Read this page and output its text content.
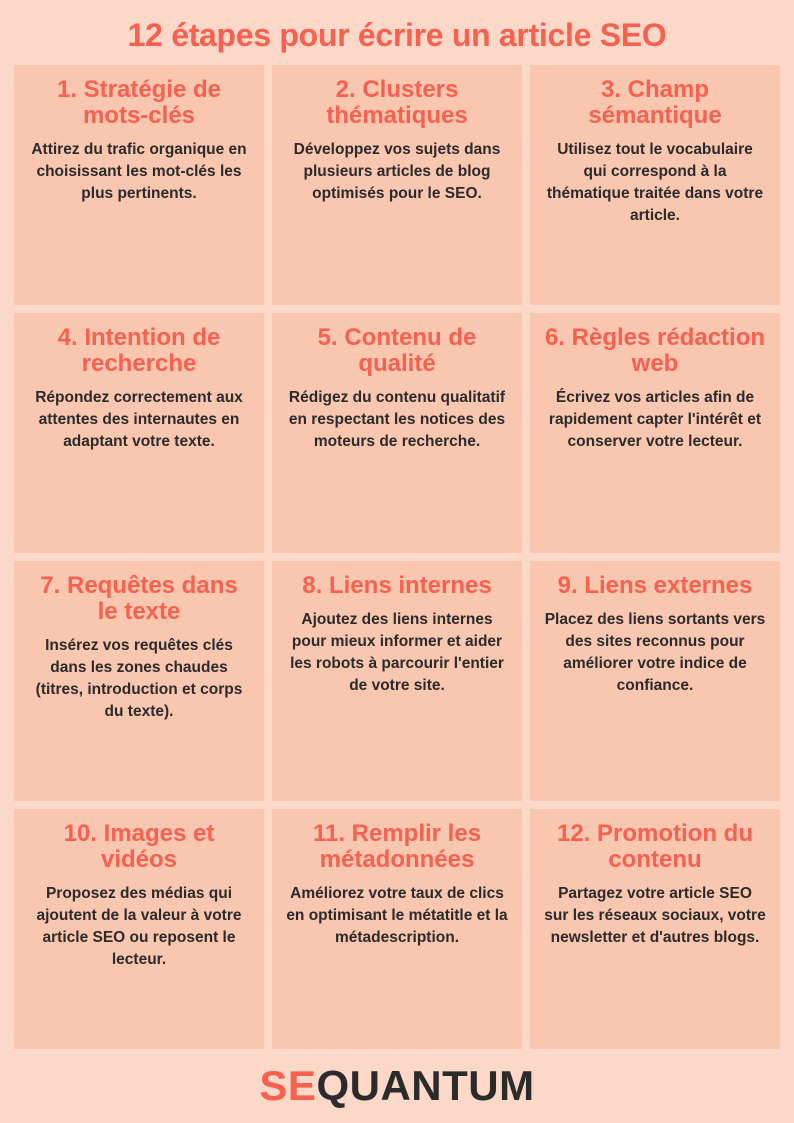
12 étapes pour écrire un article SEO
1. Stratégie de mots-clés
Attirez du trafic organique en choisissant les mot-clés les plus pertinents.
2. Clusters thématiques
Développez vos sujets dans plusieurs articles de blog optimisés pour le SEO.
3. Champ sémantique
Utilisez tout le vocabulaire qui correspond à la thématique traitée dans votre article.
4. Intention de recherche
Répondez correctement aux attentes des internautes en adaptant votre texte.
5. Contenu de qualité
Rédigez du contenu qualitatif en respectant les notices des moteurs de recherche.
6. Règles rédaction web
Écrivez vos articles afin de rapidement capter l'intérêt et conserver votre lecteur.
7. Requêtes dans le texte
Insérez vos requêtes clés dans les zones chaudes (titres, introduction et corps du texte).
8. Liens internes
Ajoutez des liens internes pour mieux informer et aider les robots à parcourir l'entier de votre site.
9. Liens externes
Placez des liens sortants vers des sites reconnus pour améliorer votre indice de confiance.
10. Images et vidéos
Proposez des médias qui ajoutent de la valeur à votre article SEO ou reposent le lecteur.
11. Remplir les métadonnées
Améliorez votre taux de clics en optimisant le métatitle et la métadescription.
12. Promotion du contenu
Partagez votre article SEO sur les réseaux sociaux, votre newsletter et d'autres blogs.
SE Q UANTUM
